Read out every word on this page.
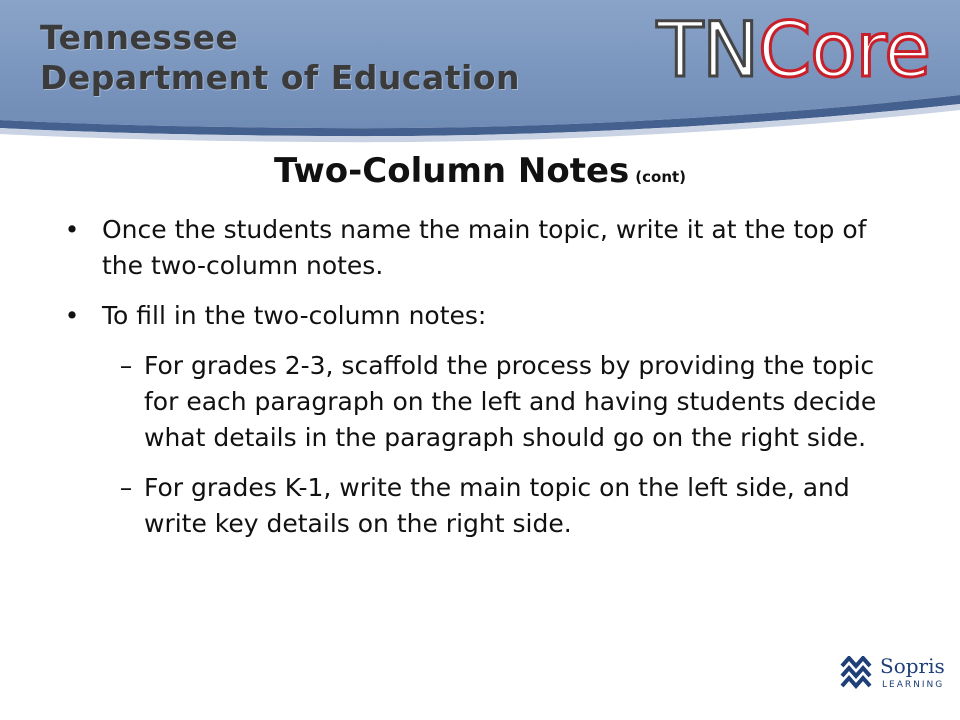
Tennessee
Department of Education TNCore
Two-Column Notes (cont)
• Once the students name the main topic, write it at the top of the two-column notes.
• To fill in the two-column notes:
– For grades 2-3, scaffold the process by providing the topic for each paragraph on the left and having students decide what details in the paragraph should go on the right side.
– For grades K-1, write the main topic on the left side, and write key details on the right side.
Sopris
LEARNING
